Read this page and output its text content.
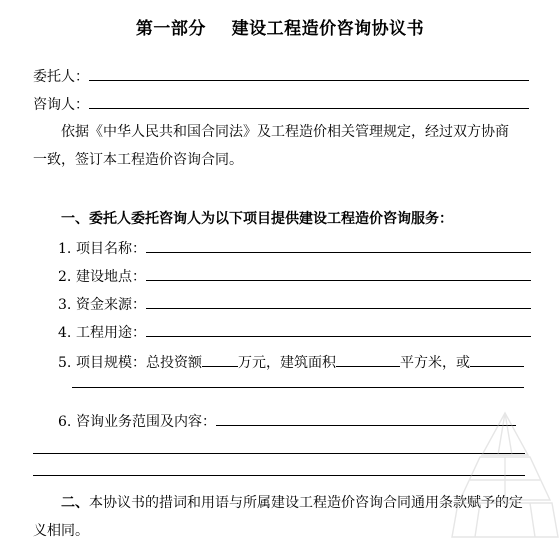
第一部分    建设工程造价咨询协议书
委托人：
咨询人：
依据《中华人民共和国合同法》及工程造价相关管理规定，经过双方协商
一致，签订本工程造价咨询合同。
一、委托人委托咨询人为以下项目提供建设工程造价咨询服务：
1. 项目名称：
2. 建设地点：
3. 资金来源：
4. 工程用途：
5. 项目规模：总投资额	万元，建筑面积	平方米，或
6. 咨询业务范围及内容：
二、本协议书的措词和用语与所属建设工程造价咨询合同通用条款赋予的定
义相同。
